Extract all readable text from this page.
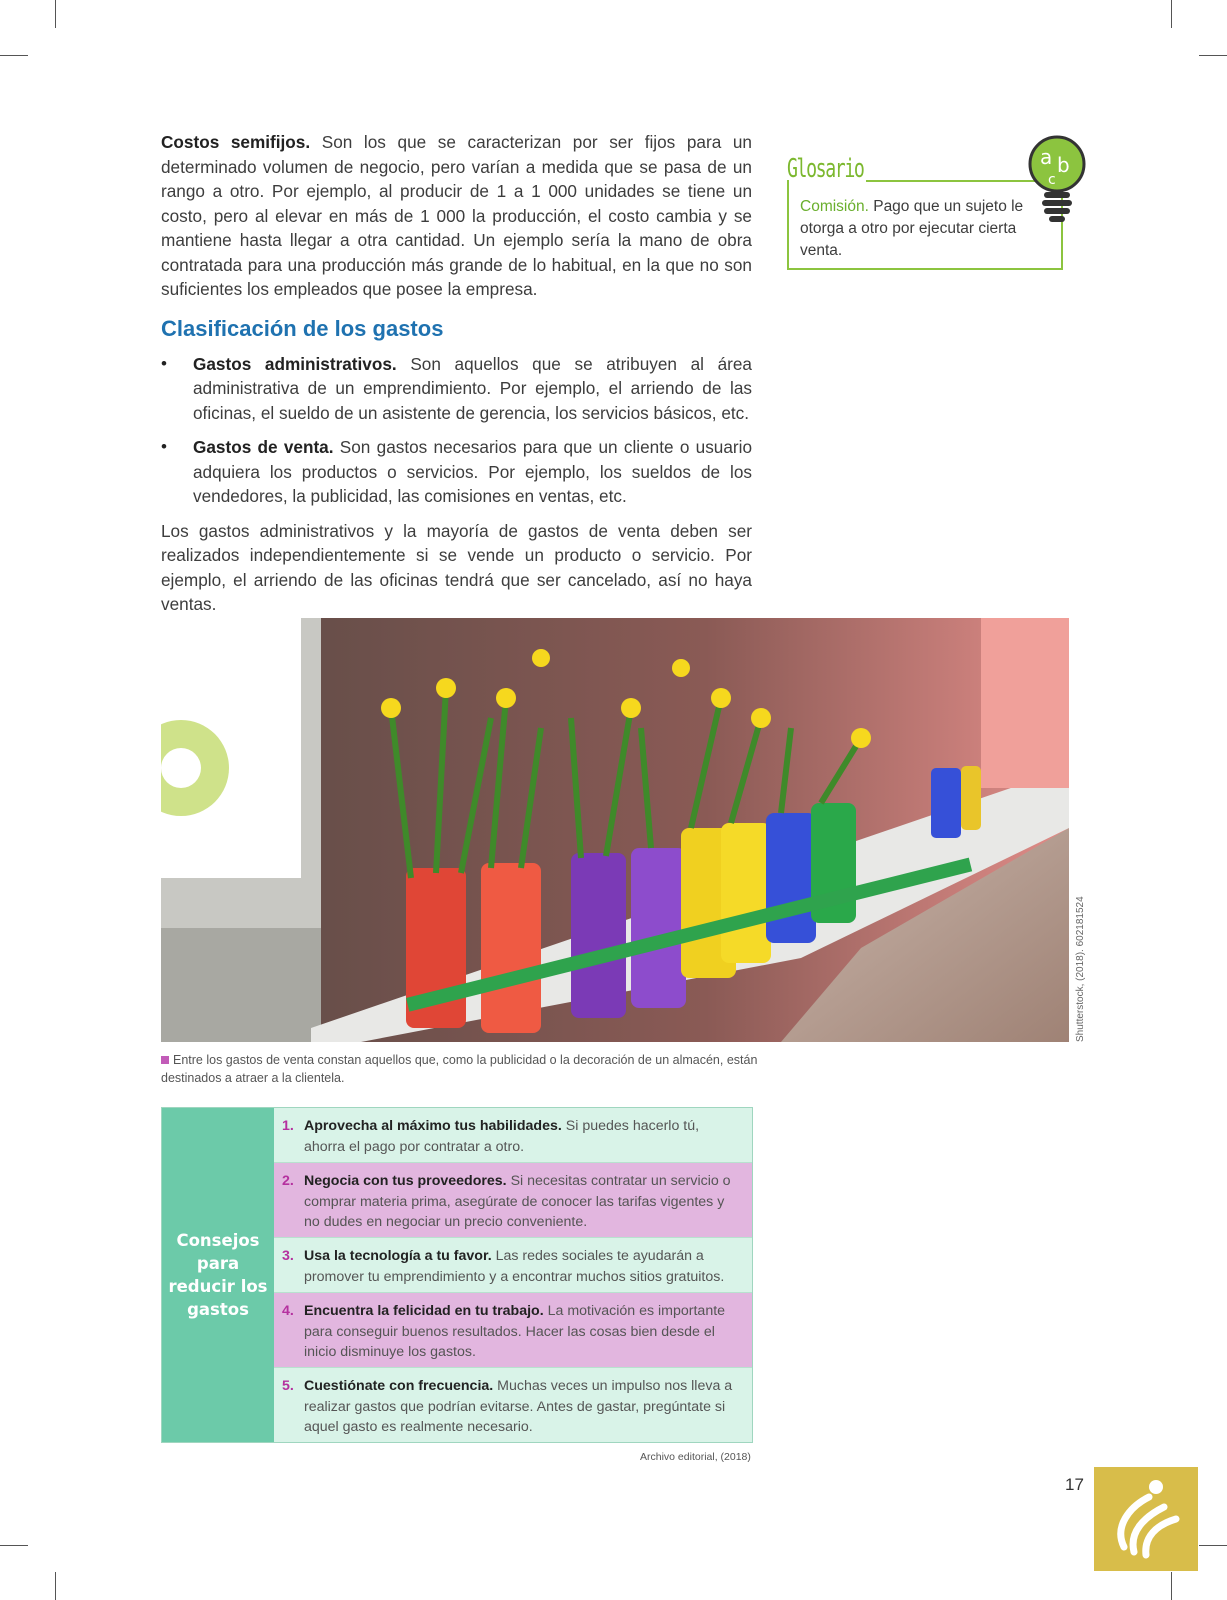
Costos semifijos. Son los que se caracterizan por ser fijos para un determinado volumen de negocio, pero varían a medida que se pasa de un rango a otro. Por ejemplo, al producir de 1 a 1 000 unidades se tiene un costo, pero al elevar en más de 1 000 la producción, el costo cambia y se mantiene hasta llegar a otra cantidad. Un ejemplo sería la mano de obra contratada para una producción más grande de lo habitual, en la que no son suficientes los empleados que posee la empresa.

Clasificación de los gastos
• Gastos administrativos. Son aquellos que se atribuyen al área administrativa de un emprendimiento. Por ejemplo, el arriendo de las oficinas, el sueldo de un asistente de gerencia, los servicios básicos, etc.
• Gastos de venta. Son gastos necesarios para que un cliente o usuario adquiera los productos o servicios. Por ejemplo, los sueldos de los vendedores, la publicidad, las comisiones en ventas, etc.

Los gastos administrativos y la mayoría de gastos de venta deben ser realizados independientemente si se vende un producto o servicio. Por ejemplo, el arriendo de las oficinas tendrá que ser cancelado, así no haya ventas.

Glosario
Comisión. Pago que un sujeto le otorga a otro por ejecutar cierta venta.
a b
c
Shutterstock, (2018). 602181524
Entre los gastos de venta constan aquellos que, como la publicidad o la decoración de un almacén, están destinados a atraer a la clientela.
Consejos para reducir los gastos
1. Aprovecha al máximo tus habilidades. Si puedes hacerlo tú, ahorra el pago por contratar a otro.
2. Negocia con tus proveedores. Si necesitas contratar un servicio o comprar materia prima, asegúrate de conocer las tarifas vigentes y no dudes en negociar un precio conveniente.
3. Usa la tecnología a tu favor. Las redes sociales te ayudarán a promover tu emprendimiento y a encontrar muchos sitios gratuitos.
4. Encuentra la felicidad en tu trabajo. La motivación es importante para conseguir buenos resultados. Hacer las cosas bien desde el inicio disminuye los gastos.
5. Cuestiónate con frecuencia. Muchas veces un impulso nos lleva a realizar gastos que podrían evitarse. Antes de gastar, pregúntate si aquel gasto es realmente necesario.
Archivo editorial, (2018)
17
